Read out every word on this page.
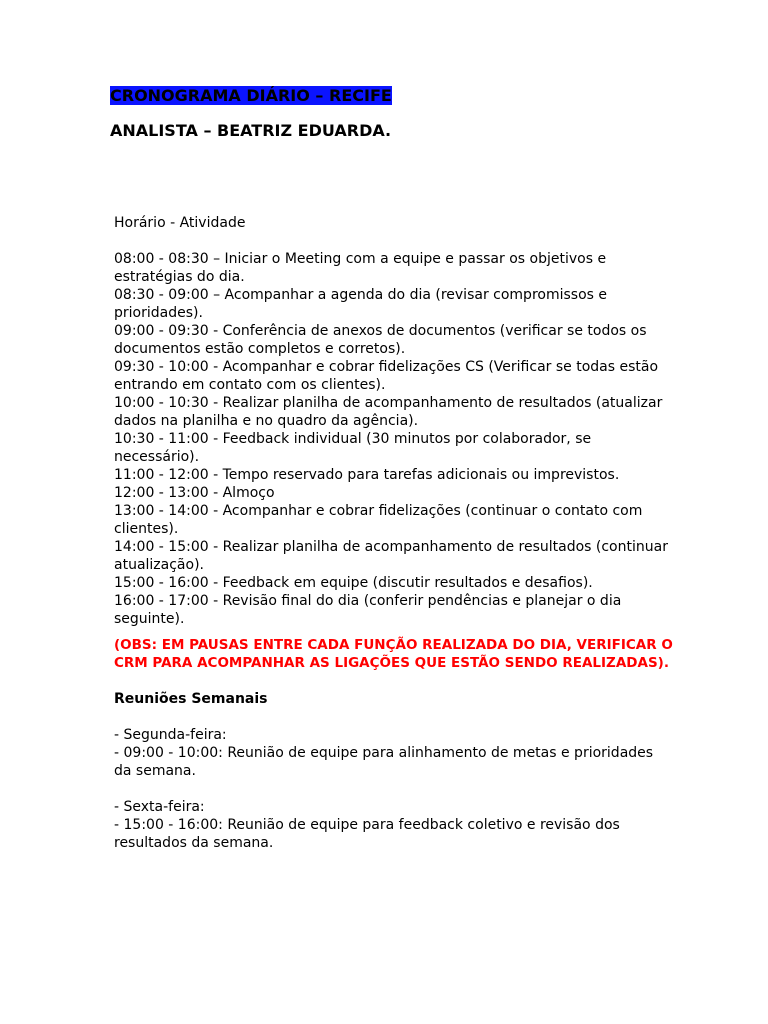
CRONOGRAMA DIÁRIO – RECIFE
ANALISTA – BEATRIZ EDUARDA.
Horário - Atividade
08:00 - 08:30 – Iniciar o Meeting com a equipe e passar os objetivos e estratégias do dia.
08:30 - 09:00 – Acompanhar a agenda do dia (revisar compromissos e prioridades).
09:00 - 09:30 - Conferência de anexos de documentos (verificar se todos os documentos estão completos e corretos).
09:30 - 10:00 - Acompanhar e cobrar fidelizações CS (Verificar se todas estão entrando em contato com os clientes).
10:00 - 10:30 - Realizar planilha de acompanhamento de resultados (atualizar dados na planilha e no quadro da agência).
10:30 - 11:00 - Feedback individual (30 minutos por colaborador, se necessário).
11:00 - 12:00 - Tempo reservado para tarefas adicionais ou imprevistos.
12:00 - 13:00 - Almoço
13:00 - 14:00 - Acompanhar e cobrar fidelizações (continuar o contato com clientes).
14:00 - 15:00 - Realizar planilha de acompanhamento de resultados (continuar atualização).
15:00 - 16:00 - Feedback em equipe (discutir resultados e desafios).
16:00 - 17:00 - Revisão final do dia (conferir pendências e planejar o dia seguinte).
(OBS: EM PAUSAS ENTRE CADA FUNÇÃO REALIZADA DO DIA, VERIFICAR O CRM PARA ACOMPANHAR AS LIGAÇÕES QUE ESTÃO SENDO REALIZADAS).
Reuniões Semanais
- Segunda-feira:
- 09:00 - 10:00: Reunião de equipe para alinhamento de metas e prioridades da semana.
- Sexta-feira:
- 15:00 - 16:00: Reunião de equipe para feedback coletivo e revisão dos resultados da semana.
